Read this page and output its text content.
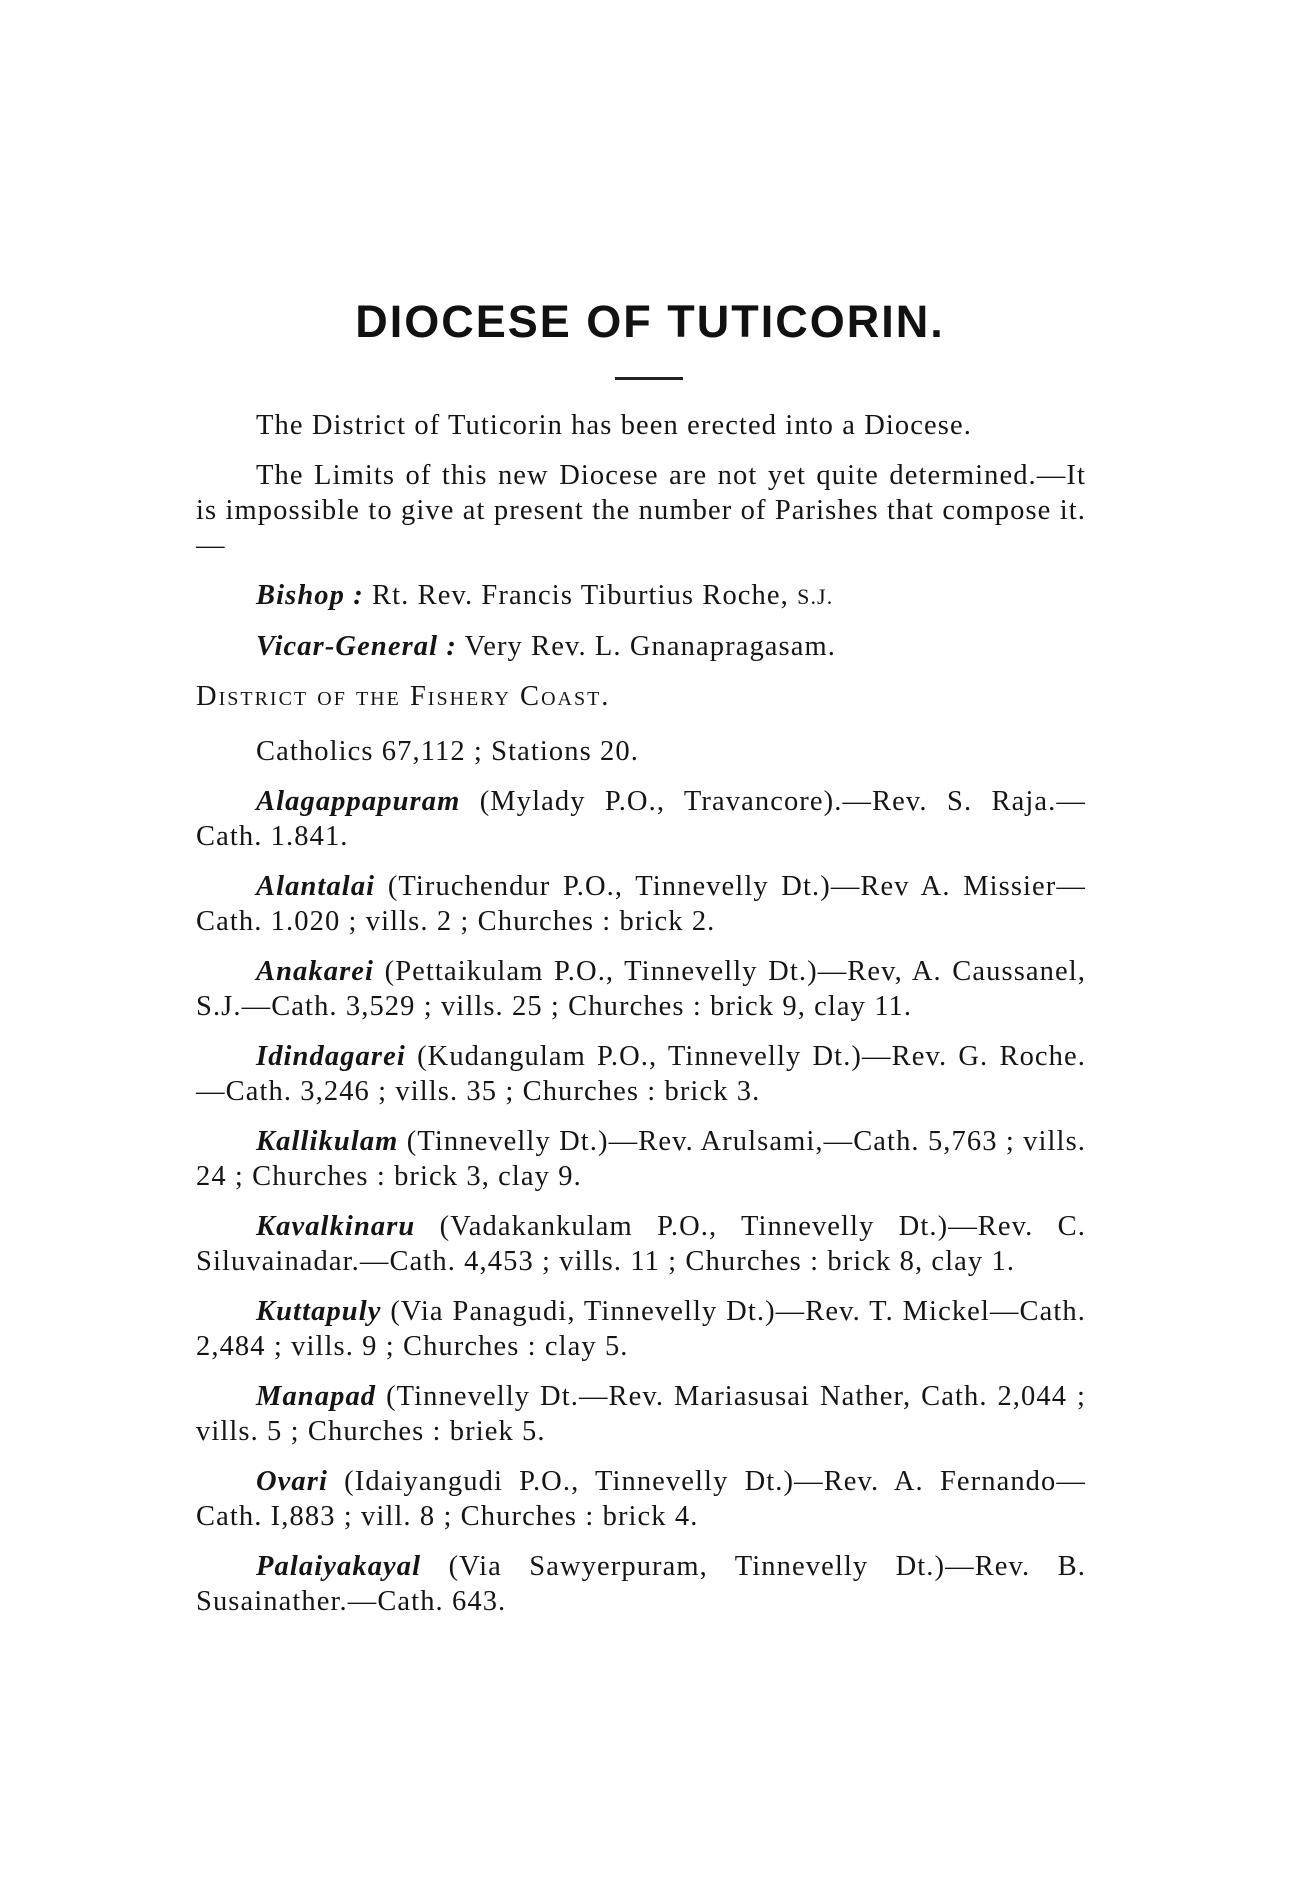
DIOCESE OF TUTICORIN.

The District of Tuticorin has been erected into a Diocese.

The Limits of this new Diocese are not yet quite determined.—It is impossible to give at present the number of Parishes that compose it.—

Bishop : Rt. Rev. Francis Tiburtius Roche, S.J.

Vicar-General : Very Rev. L. Gnanapragasam.

District of the Fishery Coast.

Catholics 67,112 ; Stations 20.

Alagappapuram (Mylady P.O., Travancore).—Rev. S. Raja.—Cath. 1.841.

Alantalai (Tiruchendur P.O., Tinnevelly Dt.)—Rev A. Missier—Cath. 1.020 ; vills. 2 ; Churches : brick 2.

Anakarei (Pettaikulam P.O., Tinnevelly Dt.)—Rev, A. Caussanel, S.J.—Cath. 3,529 ; vills. 25 ; Churches : brick 9, clay 11.

Idindagarei (Kudangulam P.O., Tinnevelly Dt.)—Rev. G. Roche.—Cath. 3,246 ; vills. 35 ; Churches : brick 3.

Kallikulam (Tinnevelly Dt.)—Rev. Arulsami,—Cath. 5,763 ; vills. 24 ; Churches : brick 3, clay 9.

Kavalkinaru (Vadakankulam P.O., Tinnevelly Dt.)—Rev. C. Siluvainadar.—Cath. 4,453 ; vills. 11 ; Churches : brick 8, clay 1.

Kuttapuly (Via Panagudi, Tinnevelly Dt.)—Rev. T. Mickel—Cath. 2,484 ; vills. 9 ; Churches : clay 5.

Manapad (Tinnevelly Dt.—Rev. Mariasusai Nather, Cath. 2,044 ; vills. 5 ; Churches : briek 5.

Ovari (Idaiyangudi P.O., Tinnevelly Dt.)—Rev. A. Fernando—Cath. I,883 ; vill. 8 ; Churches : brick 4.

Palaiyakayal (Via Sawyerpuram, Tinnevelly Dt.)—Rev. B. Susainather.—Cath. 643.
